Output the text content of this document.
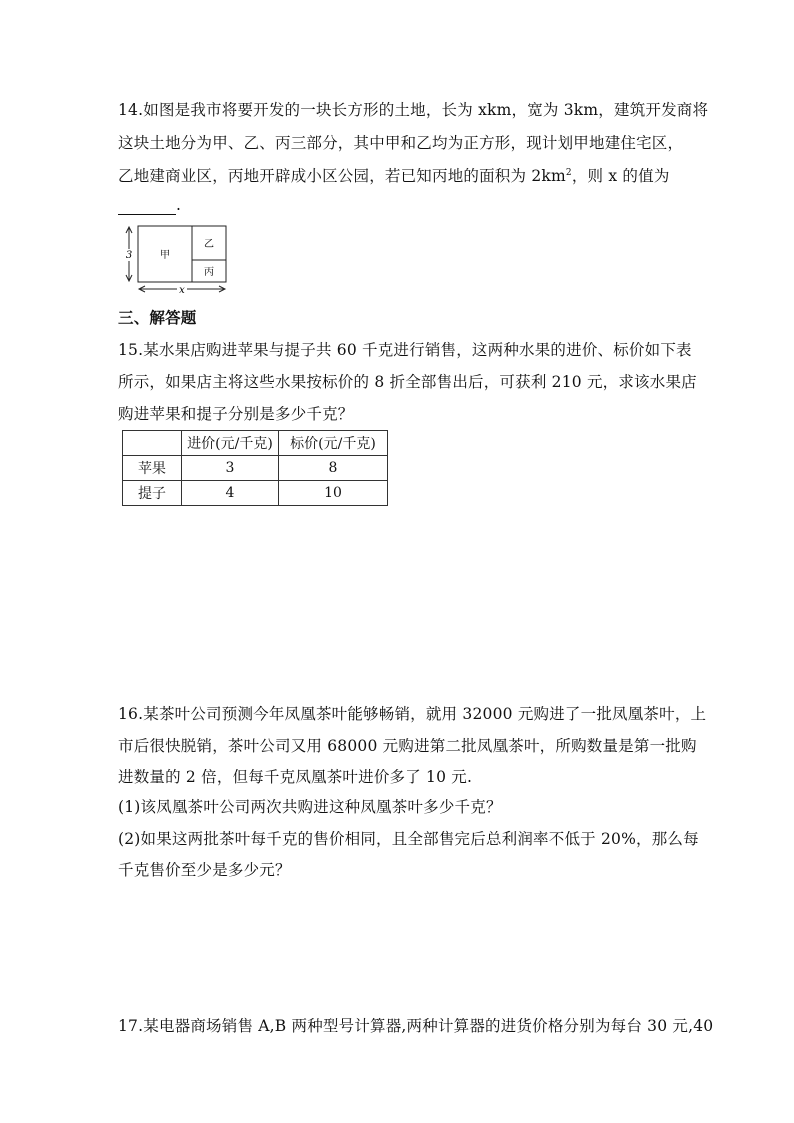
14.如图是我市将要开发的一块长方形的土地，长为 xkm，宽为 3km，建筑开发商将
这块土地分为甲、乙、丙三部分，其中甲和乙均为正方形，现计划甲地建住宅区，
乙地建商业区，丙地开辟成小区公园，若已知丙地的面积为 $2km^2$，则 x 的值为
.
3
x
甲
乙
丙
三、解答题
15.某水果店购进苹果与提子共 60 千克进行销售，这两种水果的进价、标价如下表
所示，如果店主将这些水果按标价的 8 折全部售出后，可获利 210 元，求该水果店
购进苹果和提子分别是多少千克？
	进价(元/千克)	标价(元/千克)
苹果	3	8
提子	4	10
16.某茶叶公司预测今年凤凰茶叶能够畅销，就用 32000 元购进了一批凤凰茶叶，上
市后很快脱销，茶叶公司又用 68000 元购进第二批凤凰茶叶，所购数量是第一批购
进数量的 2 倍，但每千克凤凰茶叶进价多了 10 元.
(1)该凤凰茶叶公司两次共购进这种凤凰茶叶多少千克？
(2)如果这两批茶叶每千克的售价相同，且全部售完后总利润率不低于 20%，那么每
千克售价至少是多少元？
17.某电器商场销售 A,B 两种型号计算器,两种计算器的进货价格分别为每台 30 元,40
